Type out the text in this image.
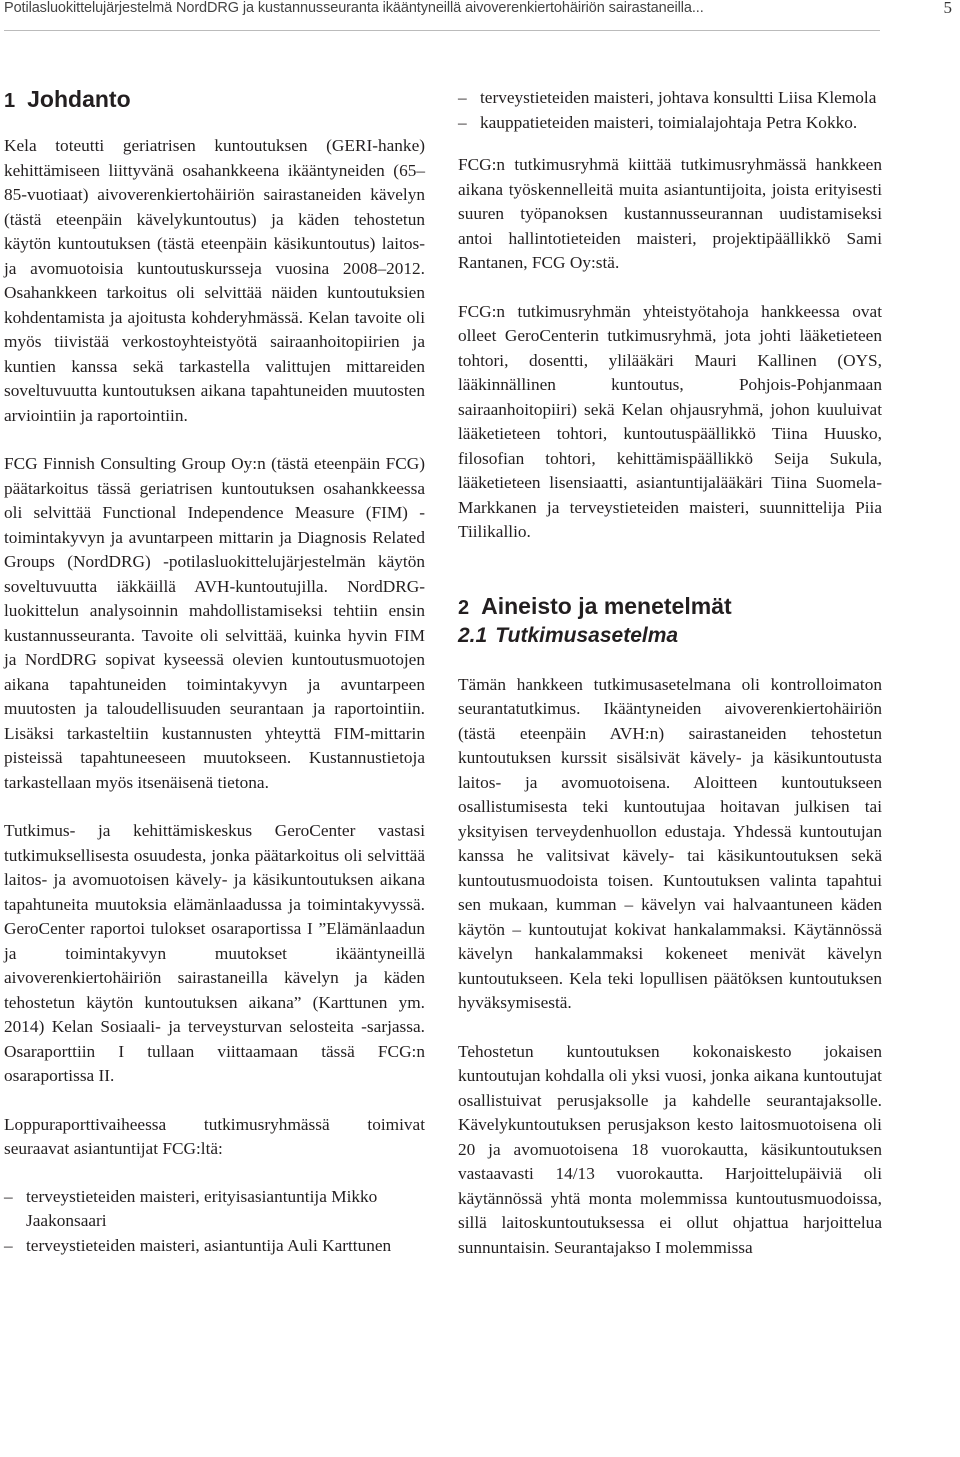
Potilasluokittelujärjestelmä NordDRG ja kustannusseuranta ikääntyneillä aivoverenkiertohäiriön sairastaneilla...	5
1 Johdanto

Kela toteutti geriatrisen kuntoutuksen (GERI-hanke) kehittämiseen liittyvänä osahankkeena ikääntyneiden (65–85-vuotiaat) aivoverenkiertohäiriön sairastaneiden kävelyn (tästä eteenpäin kävelykuntoutus) ja käden tehostetun käytön kuntoutuksen (tästä eteenpäin käsikuntoutus) laitos- ja avomuotoisia kuntoutuskursseja vuosina 2008–2012. Osahankkeen tarkoitus oli selvittää näiden kuntoutuksien kohdentamista ja ajoitusta kohderyhmässä. Kelan tavoite oli myös tiivistää verkostoyhteistyötä sairaanhoitopiirien ja kuntien kanssa sekä tarkastella valittujen mittareiden soveltuvuutta kuntoutuksen aikana tapahtuneiden muutosten arviointiin ja raportointiin.

FCG Finnish Consulting Group Oy:n (tästä eteenpäin FCG) päätarkoitus tässä geriatrisen kuntoutuksen osahankkeessa oli selvittää Functional Independence Measure (FIM) -toimintakyvyn ja avuntarpeen mittarin ja Diagnosis Related Groups (NordDRG) -potilasluokittelujärjestelmän käytön soveltuvuutta iäkkäillä AVH-kuntoutujilla. NordDRG-luokittelun analysoinnin mahdollistamiseksi tehtiin ensin kustannusseuranta. Tavoite oli selvittää, kuinka hyvin FIM ja NordDRG sopivat kyseessä olevien kuntoutusmuotojen aikana tapahtuneiden toimintakyvyn ja avuntarpeen muutosten ja taloudellisuuden seurantaan ja raportointiin. Lisäksi tarkasteltiin kustannusten yhteyttä FIM-mittarin pisteissä tapahtuneeseen muutokseen. Kustannustietoja tarkastellaan myös itsenäisenä tietona.

Tutkimus- ja kehittämiskeskus GeroCenter vastasi tutkimuksellisesta osuudesta, jonka päätarkoitus oli selvittää laitos- ja avomuotoisen kävely- ja käsikuntoutuksen aikana tapahtuneita muutoksia elämänlaadussa ja toimintakyvyssä. GeroCenter raportoi tulokset osaraportissa I ”Elämänlaadun ja toimintakyvyn muutokset ikääntyneillä aivoverenkiertohäiriön sairastaneilla kävelyn ja käden tehostetun käytön kuntoutuksen aikana” (Karttunen ym. 2014) Kelan Sosiaali- ja terveysturvan selosteita -sarjassa. Osaraporttiin I tullaan viittaamaan tässä FCG:n osaraportissa II.

Loppuraporttivaiheessa tutkimusryhmässä toimivat seuraavat asiantuntijat FCG:ltä:

– terveystieteiden maisteri, erityisasiantuntija Mikko Jaakonsaari
– terveystieteiden maisteri, asiantuntija Auli Karttunen
– terveystieteiden maisteri, johtava konsultti Liisa Klemola
– kauppatieteiden maisteri, toimialajohtaja Petra Kokko.

FCG:n tutkimusryhmä kiittää tutkimusryhmässä hankkeen aikana työskennelleitä muita asiantuntijoita, joista erityisesti suuren työpanoksen kustannusseurannan uudistamiseksi antoi hallintotieteiden maisteri, projektipäällikkö Sami Rantanen, FCG Oy:stä.

FCG:n tutkimusryhmän yhteistyötahoja hankkeessa ovat olleet GeroCenterin tutkimusryhmä, jota johti lääketieteen tohtori, dosentti, ylilääkäri Mauri Kallinen (OYS, lääkinnällinen kuntoutus, Pohjois-Pohjanmaan sairaanhoitopiiri) sekä Kelan ohjausryhmä, johon kuuluivat lääketieteen tohtori, kuntoutuspäällikkö Tiina Huusko, filosofian tohtori, kehittämispäällikkö Seija Sukula, lääketieteen lisensiaatti, asiantuntijalääkäri Tiina Suomela-Markkanen ja terveystieteiden maisteri, suunnittelija Piia Tiilikallio.

2 Aineisto ja menetelmät
2.1 Tutkimusasetelma

Tämän hankkeen tutkimusasetelmana oli kontrolloimaton seurantatutkimus. Ikääntyneiden aivoverenkiertohäiriön (tästä eteenpäin AVH:n) sairastaneiden tehostetun kuntoutuksen kurssit sisälsivät kävely- ja käsikuntoutusta laitos- ja avomuotoisena. Aloitteen kuntoutukseen osallistumisesta teki kuntoutujaa hoitavan julkisen tai yksityisen terveydenhuollon edustaja. Yhdessä kuntoutujan kanssa he valitsivat kävely- tai käsikuntoutuksen sekä kuntoutusmuodoista toisen. Kuntoutuksen valinta tapahtui sen mukaan, kumman – kävelyn vai halvaantuneen käden käytön – kuntoutujat kokivat hankalammaksi. Käytännössä kävelyn hankalammaksi kokeneet menivät kävelyn kuntoutukseen. Kela teki lopullisen päätöksen kuntoutuksen hyväksymisestä.

Tehostetun kuntoutuksen kokonaiskesto jokaisen kuntoutujan kohdalla oli yksi vuosi, jonka aikana kuntoutujat osallistuivat perusjaksolle ja kahdelle seurantajaksolle. Kävelykuntoutuksen perusjakson kesto laitosmuotoisena oli 20 ja avomuotoisena 18 vuorokautta, käsikuntoutuksen vastaavasti 14/13 vuorokautta. Harjoittelupäiviä oli käytännössä yhtä monta molemmissa kuntoutusmuodoissa, sillä laitoskuntoutuksessa ei ollut ohjattua harjoittelua sunnuntaisin. Seurantajakso I molemmissa
